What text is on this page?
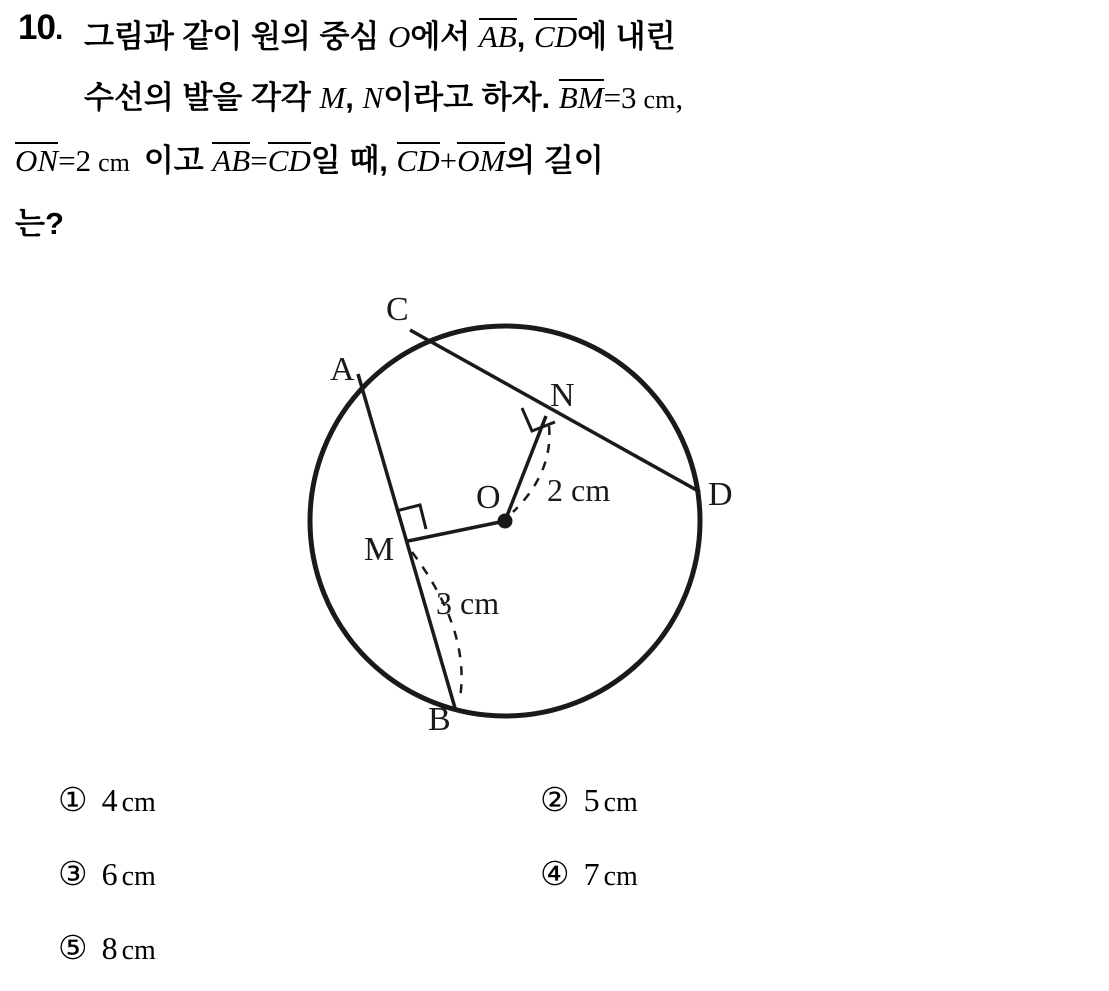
10. 그림과 같이 원의 중심 O에서 AB, CD에 내린
수선의 발을 각각 M, N이라고 하자. BM=3 cm,
ON=2 cm 이고 AB=CD일 때, CD+OM의 길이
는?
C
A
N
D
O
M
B
2 cm
3 cm
① 4 cm	② 5 cm
③ 6 cm	④ 7 cm
⑤ 8 cm
